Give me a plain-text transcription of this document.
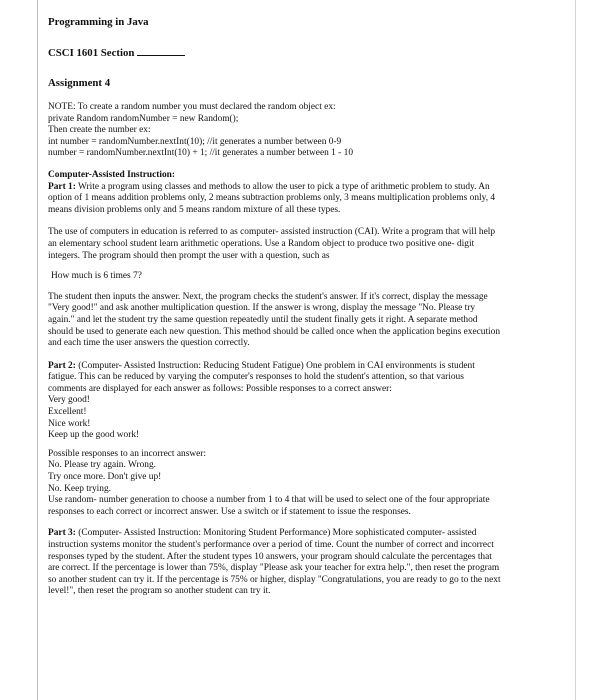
Programming in Java
CSCI 1601 Section
Assignment 4
NOTE: To create a random number you must declared the random object ex:
private Random randomNumber = new Random();
Then create the number ex:
int number = randomNumber.nextInt(10); //it generates a number between 0-9
number = randomNumber.nextInt(10) + 1; //it generates a number between 1 - 10
Computer-Assisted Instruction:
Part 1: Write a program using classes and methods to allow the user to pick a type of arithmetic problem to study. An
option of 1 means addition problems only, 2 means subtraction problems only, 3 means multiplication problems only, 4
means division problems only and 5 means random mixture of all these types.
The use of computers in education is referred to as computer- assisted instruction (CAI). Write a program that will help
an elementary school student learn arithmetic operations. Use a Random object to produce two positive one- digit
integers. The program should then prompt the user with a question, such as
How much is 6 times 7?
The student then inputs the answer. Next, the program checks the student's answer. If it's correct, display the message
"Very good!" and ask another multiplication question. If the answer is wrong, display the message "No. Please try
again." and let the student try the same question repeatedly until the student finally gets it right. A separate method
should be used to generate each new question. This method should be called once when the application begins execution
and each time the user answers the question correctly.
Part 2: (Computer- Assisted Instruction: Reducing Student Fatigue) One problem in CAI environments is student
fatigue. This can be reduced by varying the computer's responses to hold the student's attention, so that various
comments are displayed for each answer as follows: Possible responses to a correct answer:
Very good!
Excellent!
Nice work!
Keep up the good work!
Possible responses to an incorrect answer:
No. Please try again. Wrong.
Try once more. Don't give up!
No. Keep trying.
Use random- number generation to choose a number from 1 to 4 that will be used to select one of the four appropriate
responses to each correct or incorrect answer. Use a switch or if statement to issue the responses.
Part 3: (Computer- Assisted Instruction: Monitoring Student Performance) More sophisticated computer- assisted
instruction systems monitor the student's performance over a period of time. Count the number of correct and incorrect
responses typed by the student. After the student types 10 answers, your program should calculate the percentages that
are correct. If the percentage is lower than 75%, display "Please ask your teacher for extra help.", then reset the program
so another student can try it. If the percentage is 75% or higher, display "Congratulations, you are ready to go to the next
level!", then reset the program so another student can try it.
